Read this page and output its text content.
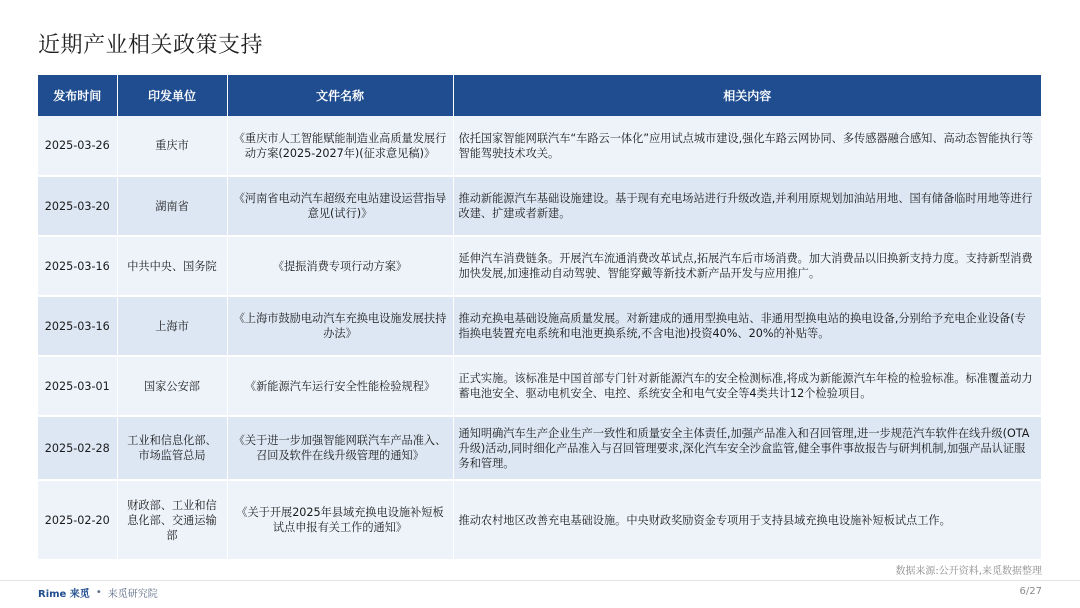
近期产业相关政策支持
发布时间	印发单位	文件名称	相关内容
2025-03-26	重庆市	《重庆市人工智能赋能制造业高质量发展行动方案(2025-2027年)(征求意见稿)》	依托国家智能网联汽车“车路云一体化”应用试点城市建设,强化车路云网协同、多传感器融合感知、高动态智能执行等智能驾驶技术攻关。
2025-03-20	湖南省	《河南省电动汽车超级充电站建设运营指导意见(试行)》	推动新能源汽车基础设施建设。基于现有充电场站进行升级改造,并利用原规划加油站用地、国有储备临时用地等进行改建、扩建或者新建。
2025-03-16	中共中央、国务院	《提振消费专项行动方案》	延伸汽车消费链条。开展汽车流通消费改革试点,拓展汽车后市场消费。加大消费品以旧换新支持力度。支持新型消费加快发展,加速推动自动驾驶、智能穿戴等新技术新产品开发与应用推广。
2025-03-16	上海市	《上海市鼓励电动汽车充换电设施发展扶持办法》	推动充换电基础设施高质量发展。对新建成的通用型换电站、非通用型换电站的换电设备,分别给予充电企业设备(专指换电装置充电系统和电池更换系统,不含电池)投资40%、20%的补贴等。
2025-03-01	国家公安部	《新能源汽车运行安全性能检验规程》	正式实施。该标准是中国首部专门针对新能源汽车的安全检测标准,将成为新能源汽车年检的检验标准。标准覆盖动力蓄电池安全、驱动电机安全、电控、系统安全和电气安全等4类共计12个检验项目。
2025-02-28	工业和信息化部、市场监管总局	《关于进一步加强智能网联汽车产品准入、召回及软件在线升级管理的通知》	通知明确汽车生产企业生产一致性和质量安全主体责任,加强产品准入和召回管理,进一步规范汽车软件在线升级(OTA升级)活动,同时细化产品准入与召回管理要求,深化汽车安全沙盒监管,健全事件事故报告与研判机制,加强产品认证服务和管理。
2025-02-20	财政部、工业和信息化部、交通运输部	《关于开展2025年县域充换电设施补短板试点申报有关工作的通知》	推动农村地区改善充电基础设施。中央财政奖励资金专项用于支持县域充换电设施补短板试点工作。
数据来源:公开资料,来觅数据整理
Rime 来觅 • 来觅研究院	6/27
